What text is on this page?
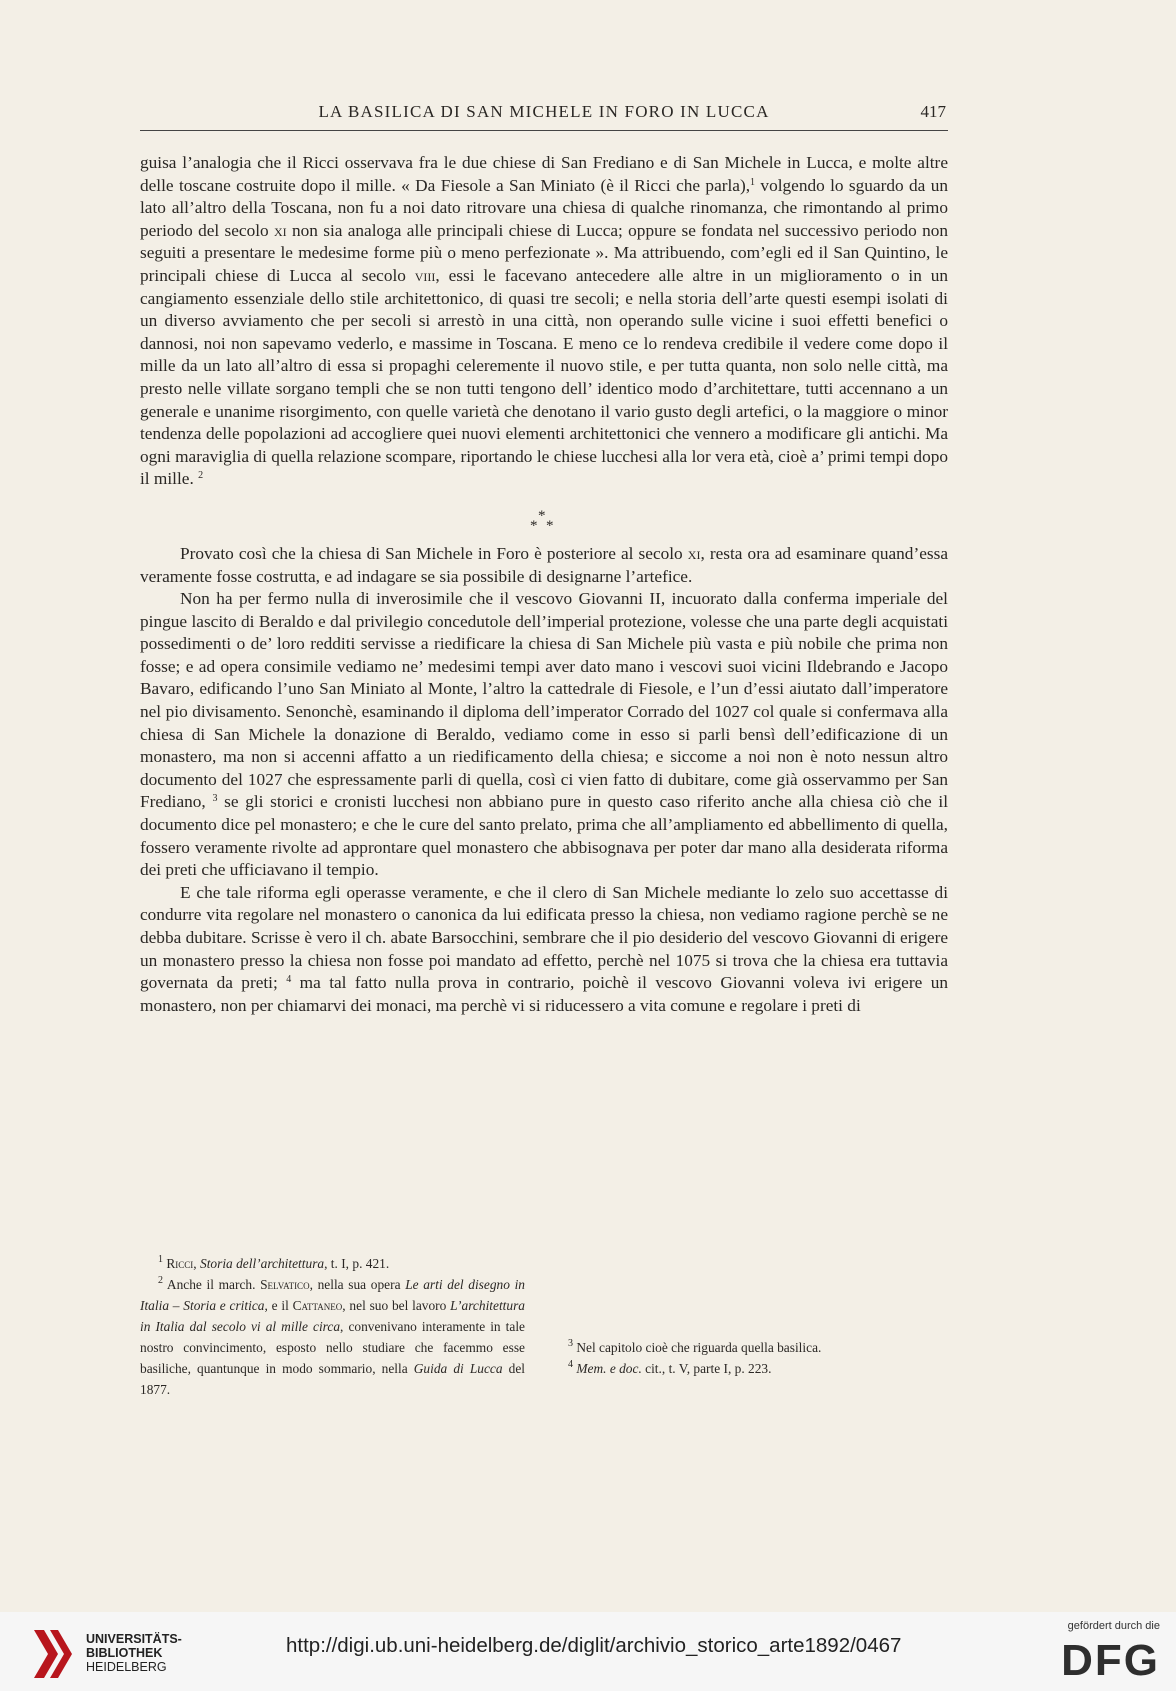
LA BASILICA DI SAN MICHELE IN FORO IN LUCCA	417

guisa l’analogia che il Ricci osservava fra le due chiese di San Frediano e di San Michele in Lucca, e molte altre delle toscane costruite dopo il mille. « Da Fiesole a San Miniato (è il Ricci che parla),$^1$ volgendo lo sguardo da un lato all’altro della Toscana, non fu a noi dato ritrovare una chiesa di qualche rinomanza, che rimontando al primo periodo del secolo xi non sia analoga alle principali chiese di Lucca; oppure se fondata nel successivo periodo non seguiti a presentare le medesime forme più o meno perfezionate ». Ma attribuendo, com’egli ed il San Quintino, le principali chiese di Lucca al secolo viii, essi le facevano antecedere alle altre in un miglioramento o in un cangiamento essenziale dello stile architettonico, di quasi tre secoli; e nella storia dell’arte questi esempi isolati di un diverso avviamento che per secoli si arrestò in una città, non operando sulle vicine i suoi effetti benefici o dannosi, noi non sapevamo vederlo, e massime in Toscana. E meno ce lo rendeva credibile il vedere come dopo il mille da un lato all’altro di essa si propaghi celeremente il nuovo stile, e per tutta quanta, non solo nelle città, ma presto nelle villate sorgano templi che se non tutti tengono dell’ identico modo d’architettare, tutti accennano a un generale e unanime risorgimento, con quelle varietà che denotano il vario gusto degli artefici, o la maggiore o minor tendenza delle popolazioni ad accogliere quei nuovi elementi architettonici che vennero a modificare gli antichi. Ma ogni maraviglia di quella relazione scompare, riportando le chiese lucchesi alla lor vera età, cioè a’ primi tempi dopo il mille. $^2$

*
* *

Provato così che la chiesa di San Michele in Foro è posteriore al secolo xi, resta ora ad esaminare quand’essa veramente fosse costrutta, e ad indagare se sia possibile di designarne l’artefice.

Non ha per fermo nulla di inverosimile che il vescovo Giovanni II, incuorato dalla conferma imperiale del pingue lascito di Beraldo e dal privilegio concedutole dell’imperial protezione, volesse che una parte degli acquistati possedimenti o de’ loro redditi servisse a riedificare la chiesa di San Michele più vasta e più nobile che prima non fosse; e ad opera consimile vediamo ne’ medesimi tempi aver dato mano i vescovi suoi vicini Ildebrando e Jacopo Bavaro, edificando l’uno San Miniato al Monte, l’altro la cattedrale di Fiesole, e l’un d’essi aiutato dall’imperatore nel pio divisamento. Senonchè, esaminando il diploma dell’imperator Corrado del 1027 col quale si confermava alla chiesa di San Michele la donazione di Beraldo, vediamo come in esso si parli bensì dell’edificazione di un monastero, ma non si accenni affatto a un riedificamento della chiesa; e siccome a noi non è noto nessun altro documento del 1027 che espressamente parli di quella, così ci vien fatto di dubitare, come già osservammo per San Frediano, $^3$ se gli storici e cronisti lucchesi non abbiano pure in questo caso riferito anche alla chiesa ciò che il documento dice pel monastero; e che le cure del santo prelato, prima che all’ampliamento ed abbellimento di quella, fossero veramente rivolte ad approntare quel monastero che abbisognava per poter dar mano alla desiderata riforma dei preti che ufficiavano il tempio.

E che tale riforma egli operasse veramente, e che il clero di San Michele mediante lo zelo suo accettasse di condurre vita regolare nel monastero o canonica da lui edificata presso la chiesa, non vediamo ragione perchè se ne debba dubitare. Scrisse è vero il ch. abate Barsocchini, sembrare che il pio desiderio del vescovo Giovanni di erigere un monastero presso la chiesa non fosse poi mandato ad effetto, perchè nel 1075 si trova che la chiesa era tuttavia governata da preti; $^4$ ma tal fatto nulla prova in contrario, poichè il vescovo Giovanni voleva ivi erigere un monastero, non per chiamarvi dei monaci, ma perchè vi si riducessero a vita comune e regolare i preti di

$^1$ Ricci, Storia dell’architettura, t. I, p. 421.

$^2$ Anche il march. Selvatico, nella sua opera Le arti del disegno in Italia – Storia e critica, e il Cattaneo, nel suo bel lavoro L’architettura in Italia dal secolo vi al mille circa, convenivano interamente in tale nostro convincimento, esposto nello studiare che facemmo esse basiliche, quantunque in modo sommario, nella Guida di Lucca del 1877.

$^3$ Nel capitolo cioè che riguarda quella basilica.

$^4$ Mem. e doc. cit., t. V, parte I, p. 223.

UNIVERSITÄTS-
BIBLIOTHEK
HEIDELBERG
http://digi.ub.uni-heidelberg.de/diglit/archivio_storico_arte1892/0467
gefördert durch die
DFG
